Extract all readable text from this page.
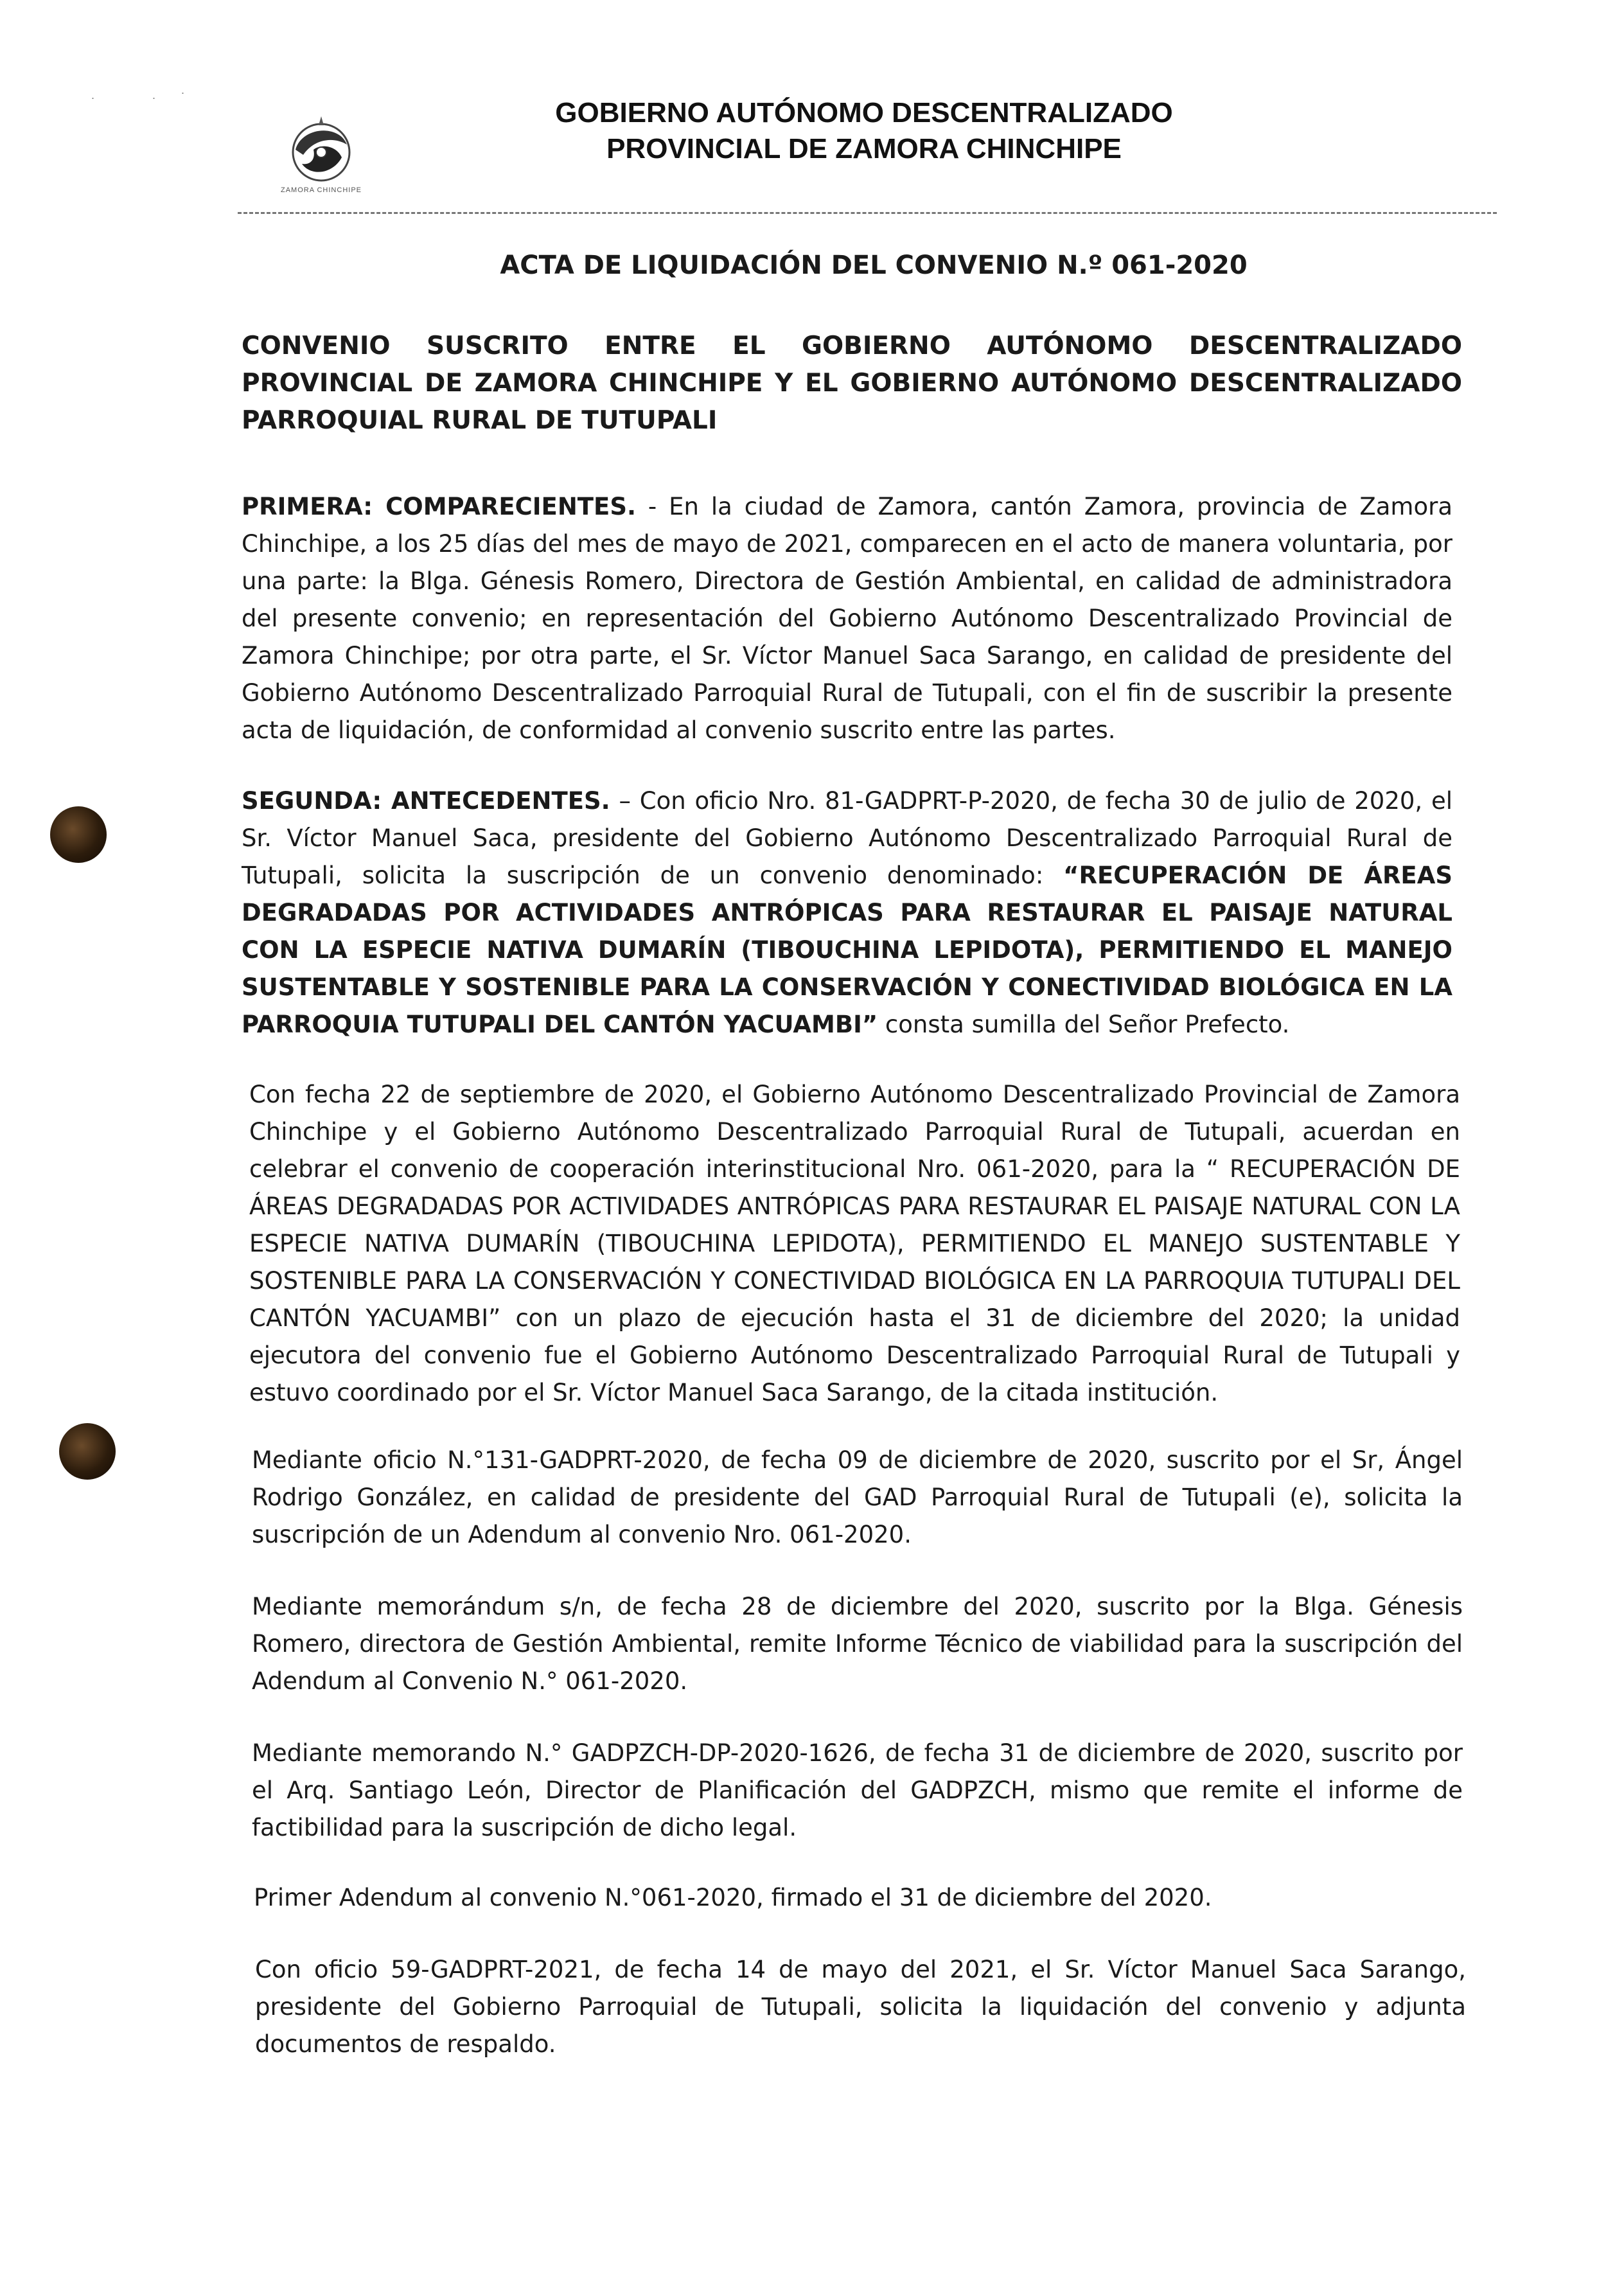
˙	˙ ˙
ZAMORA CHINCHIPE
GOBIERNO AUTÓNOMO DESCENTRALIZADO
PROVINCIAL DE ZAMORA CHINCHIPE
ACTA DE LIQUIDACIÓN DEL CONVENIO N.º 061-2020
CONVENIO SUSCRITO ENTRE EL GOBIERNO AUTÓNOMO DESCENTRALIZADO PROVINCIAL DE ZAMORA CHINCHIPE Y EL GOBIERNO AUTÓNOMO DESCENTRALIZADO PARROQUIAL RURAL DE TUTUPALI
PRIMERA: COMPARECIENTES. - En la ciudad de Zamora, cantón Zamora, provincia de Zamora Chinchipe, a los 25 días del mes de mayo de 2021, comparecen en el acto de manera voluntaria, por una parte: la Blga. Génesis Romero, Directora de Gestión Ambiental, en calidad de administradora del presente convenio; en representación del Gobierno Autónomo Descentralizado Provincial de Zamora Chinchipe; por otra parte, el Sr. Víctor Manuel Saca Sarango, en calidad de presidente del Gobierno Autónomo Descentralizado Parroquial Rural de Tutupali, con el fin de suscribir la presente acta de liquidación, de conformidad al convenio suscrito entre las partes.
SEGUNDA: ANTECEDENTES. – Con oficio Nro. 81-GADPRT-P-2020, de fecha 30 de julio de 2020, el Sr. Víctor Manuel Saca, presidente del Gobierno Autónomo Descentralizado Parroquial Rural de Tutupali, solicita la suscripción de un convenio denominado: “RECUPERACIÓN DE ÁREAS DEGRADADAS POR ACTIVIDADES ANTRÓPICAS PARA RESTAURAR EL PAISAJE NATURAL CON LA ESPECIE NATIVA DUMARÍN (TIBOUCHINA LEPIDOTA), PERMITIENDO EL MANEJO SUSTENTABLE Y SOSTENIBLE PARA LA CONSERVACIÓN Y CONECTIVIDAD BIOLÓGICA EN LA PARROQUIA TUTUPALI DEL CANTÓN YACUAMBI” consta sumilla del Señor Prefecto.
Con fecha 22 de septiembre de 2020, el Gobierno Autónomo Descentralizado Provincial de Zamora Chinchipe y el Gobierno Autónomo Descentralizado Parroquial Rural de Tutupali, acuerdan en celebrar el convenio de cooperación interinstitucional Nro. 061-2020, para la “ RECUPERACIÓN DE ÁREAS DEGRADADAS POR ACTIVIDADES ANTRÓPICAS PARA RESTAURAR EL PAISAJE NATURAL CON LA ESPECIE NATIVA DUMARÍN (TIBOUCHINA LEPIDOTA), PERMITIENDO EL MANEJO SUSTENTABLE Y SOSTENIBLE PARA LA CONSERVACIÓN Y CONECTIVIDAD BIOLÓGICA EN LA PARROQUIA TUTUPALI DEL CANTÓN YACUAMBI” con un plazo de ejecución hasta el 31 de diciembre del 2020; la unidad ejecutora del convenio fue el Gobierno Autónomo Descentralizado Parroquial Rural de Tutupali y estuvo coordinado por el Sr. Víctor Manuel Saca Sarango, de la citada institución.
Mediante oficio N.°131-GADPRT-2020, de fecha 09 de diciembre de 2020, suscrito por el Sr, Ángel Rodrigo González, en calidad de presidente del GAD Parroquial Rural de Tutupali (e), solicita la suscripción de un Adendum al convenio Nro. 061-2020.
Mediante memorándum s/n, de fecha 28 de diciembre del 2020, suscrito por la Blga. Génesis Romero, directora de Gestión Ambiental, remite Informe Técnico de viabilidad para la suscripción del Adendum al Convenio N.° 061-2020.
Mediante memorando N.° GADPZCH-DP-2020-1626, de fecha 31 de diciembre de 2020, suscrito por el Arq. Santiago León, Director de Planificación del GADPZCH, mismo que remite el informe de factibilidad para la suscripción de dicho legal.
Primer Adendum al convenio N.°061-2020, firmado el 31 de diciembre del 2020.
Con oficio 59-GADPRT-2021, de fecha 14 de mayo del 2021, el Sr. Víctor Manuel Saca Sarango, presidente del Gobierno Parroquial de Tutupali, solicita la liquidación del convenio y adjunta documentos de respaldo.
